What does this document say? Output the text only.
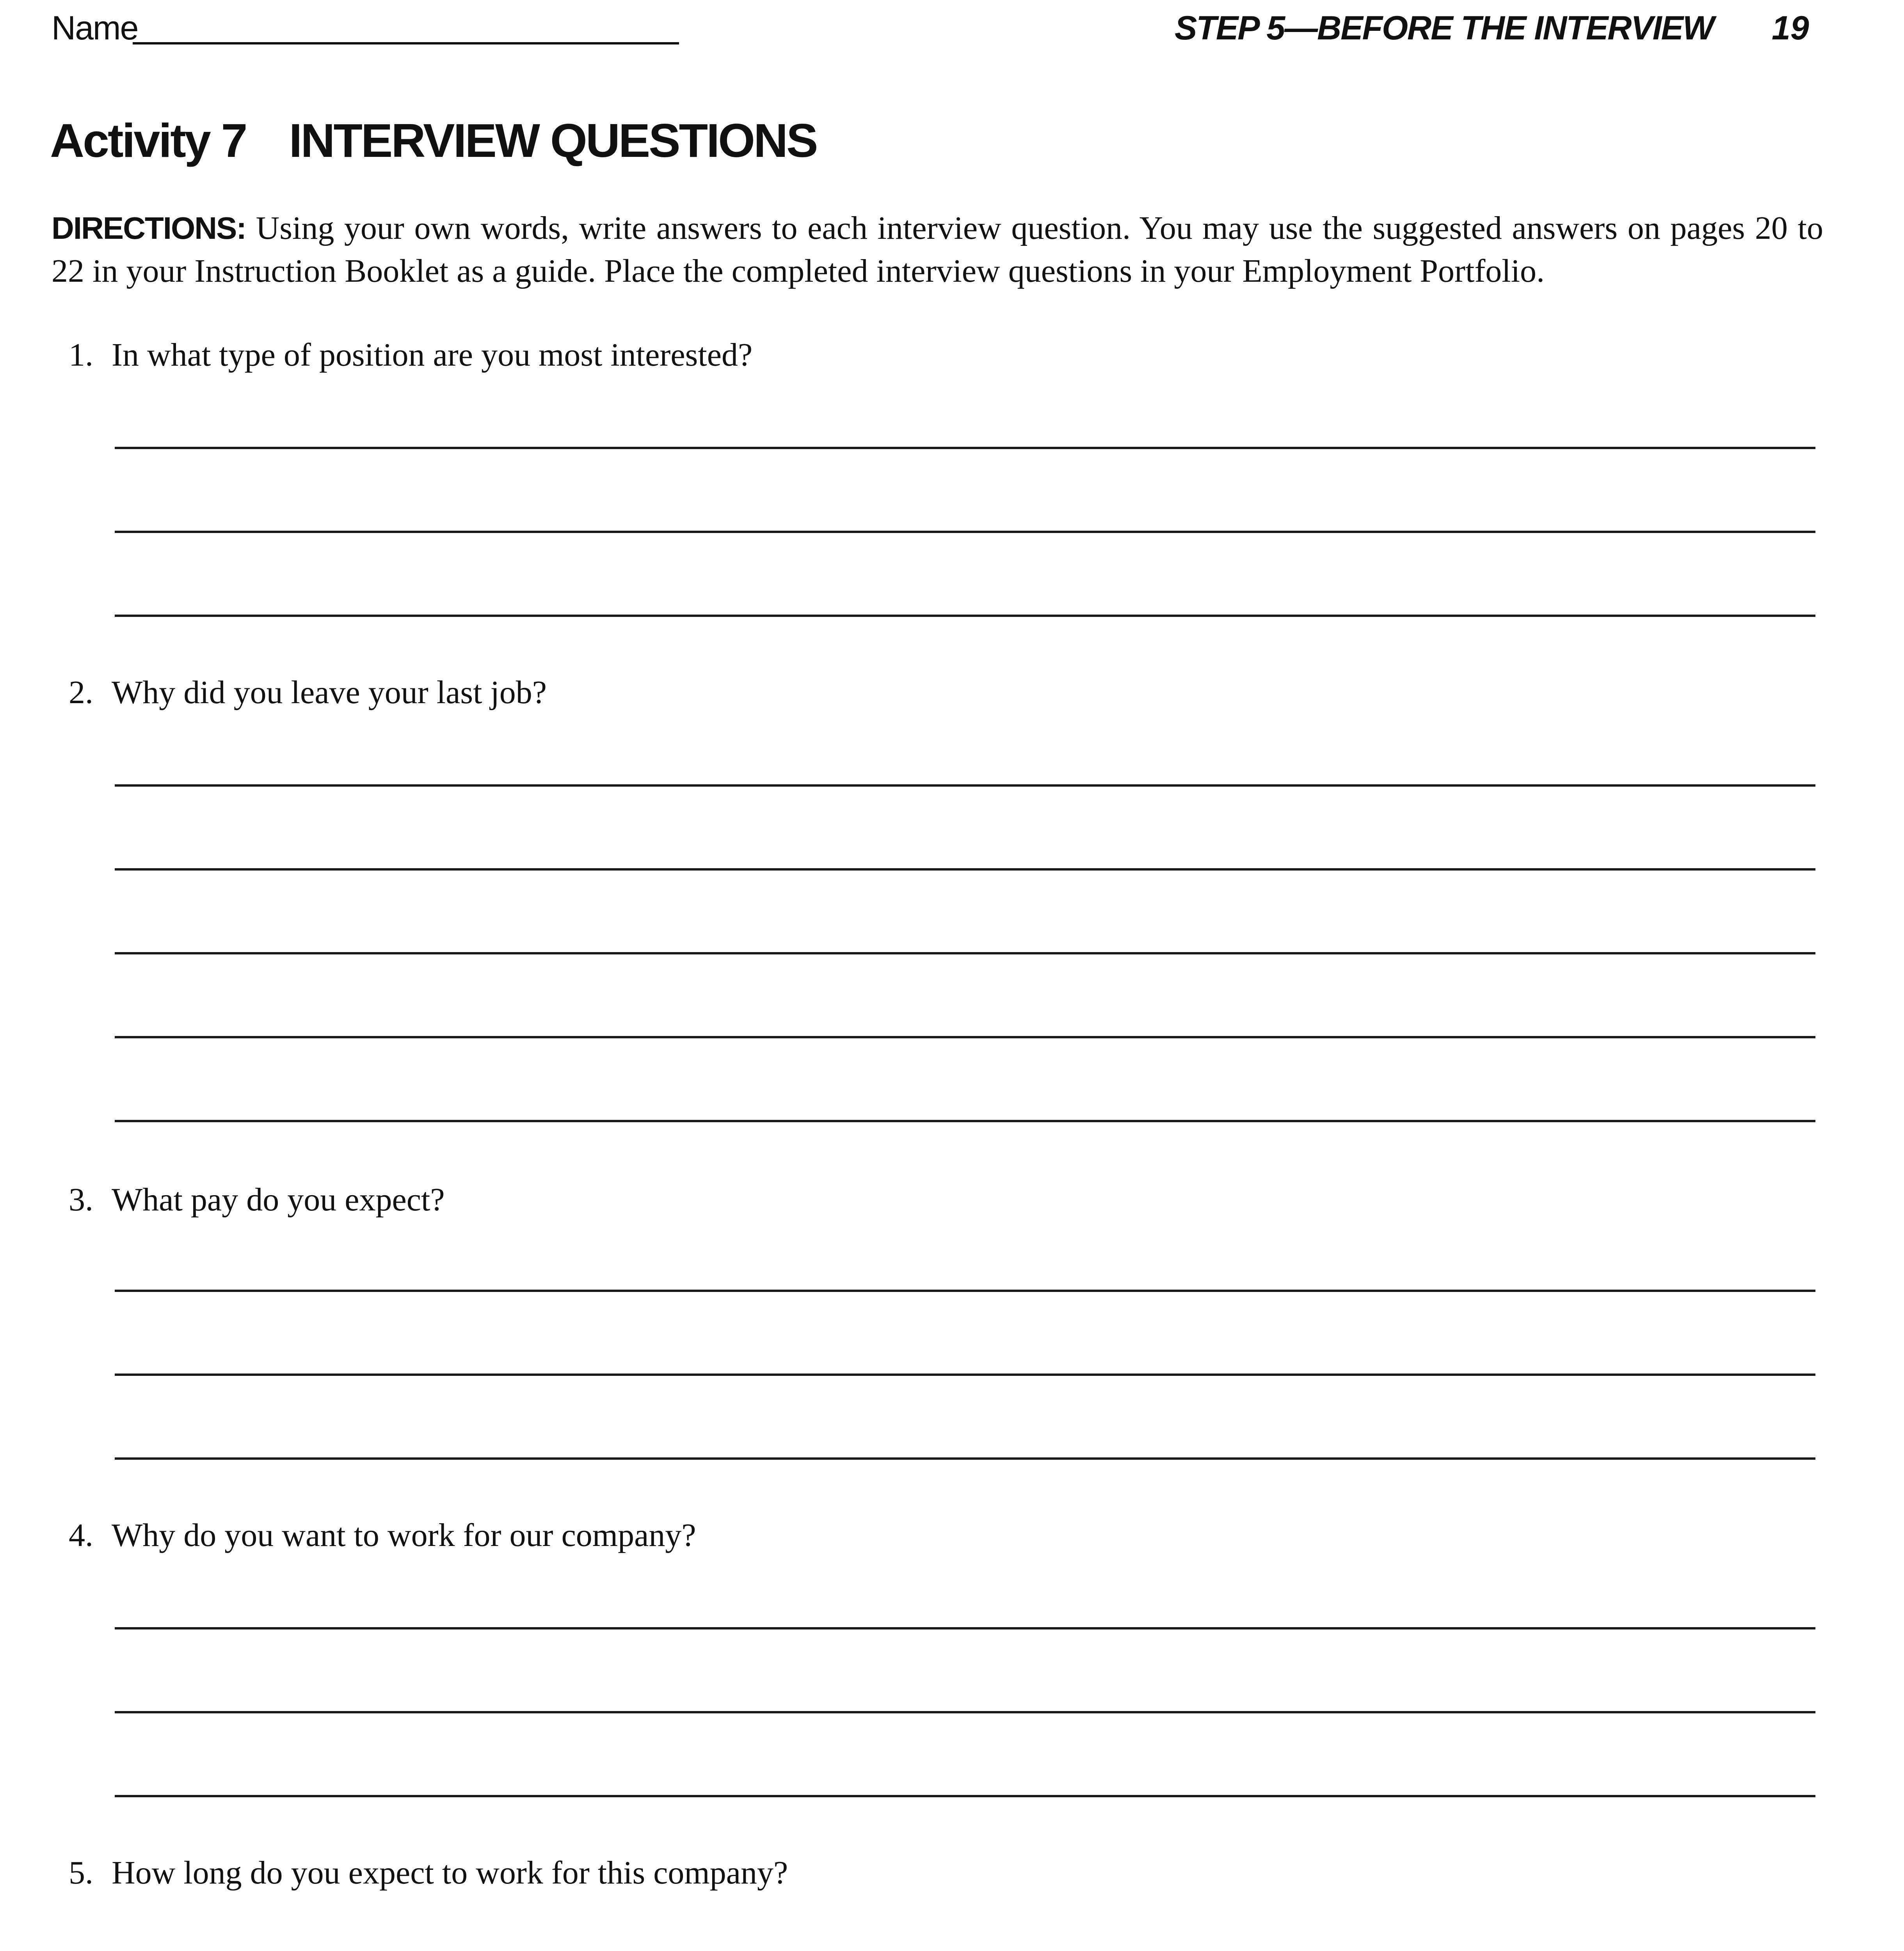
Name	STEP 5—BEFORE THE INTERVIEW 19
Activity 7 INTERVIEW QUESTIONS
DIRECTIONS: Using your own words, write answers to each interview question. You may use the suggested answers on pages 20 to 22 in your Instruction Booklet as a guide. Place the completed interview questions in your Employment Portfolio.
1. In what type of position are you most interested?
2. Why did you leave your last job?
3. What pay do you expect?
4. Why do you want to work for our company?
5. How long do you expect to work for this company?
